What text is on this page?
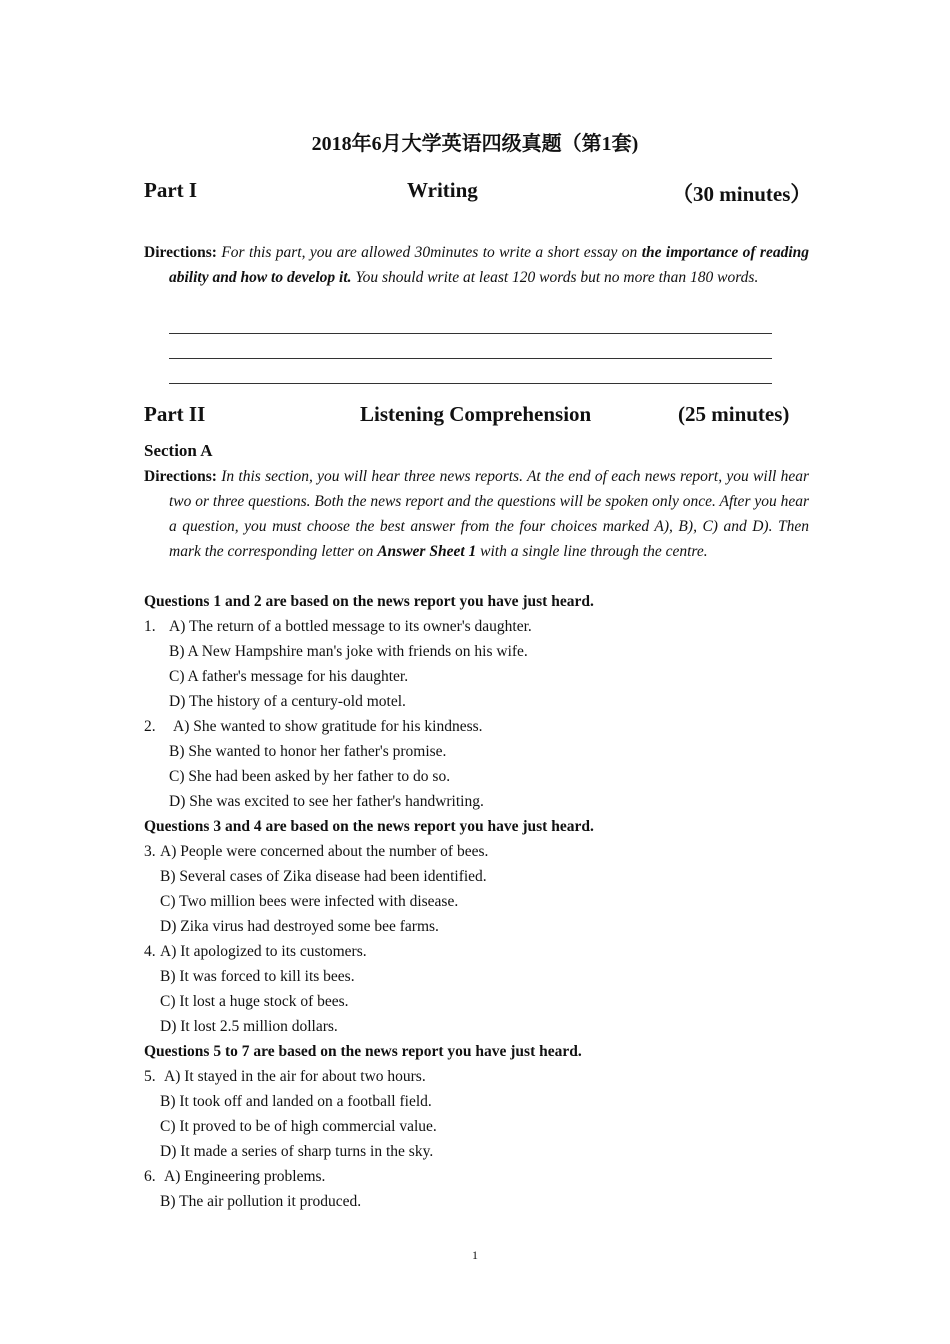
2018年6月大学英语四级真题（第1套)
Part I	Writing	（30 minutes）
Directions: For this part, you are allowed 30minutes to write a short essay on the importance of reading ability and how to develop it. You should write at least 120 words but no more than 180 words.
Part II	Listening Comprehension	(25 minutes)
Section A
Directions: In this section, you will hear three news reports. At the end of each news report, you will hear two or three questions. Both the news report and the questions will be spoken only once. After you hear a question, you must choose the best answer from the four choices marked A), B), C) and D). Then mark the corresponding letter on Answer Sheet 1 with a single line through the centre.
Questions 1 and 2 are based on the news report you have just heard.
1. A) The return of a bottled message to its owner's daughter.
B) A New Hampshire man's joke with friends on his wife.
C) A father's message for his daughter.
D) The history of a century-old motel.
2. A) She wanted to show gratitude for his kindness.
B) She wanted to honor her father's promise.
C) She had been asked by her father to do so.
D) She was excited to see her father's handwriting.
Questions 3 and 4 are based on the news report you have just heard.
3. A) People were concerned about the number of bees.
B) Several cases of Zika disease had been identified.
C) Two million bees were infected with disease.
D) Zika virus had destroyed some bee farms.
4. A) It apologized to its customers.
B) It was forced to kill its bees.
C) It lost a huge stock of bees.
D) It lost 2.5 million dollars.
Questions 5 to 7 are based on the news report you have just heard.
5. A) It stayed in the air for about two hours.
B) It took off and landed on a football field.
C) It proved to be of high commercial value.
D) It made a series of sharp turns in the sky.
6. A) Engineering problems.
B) The air pollution it produced.
1
